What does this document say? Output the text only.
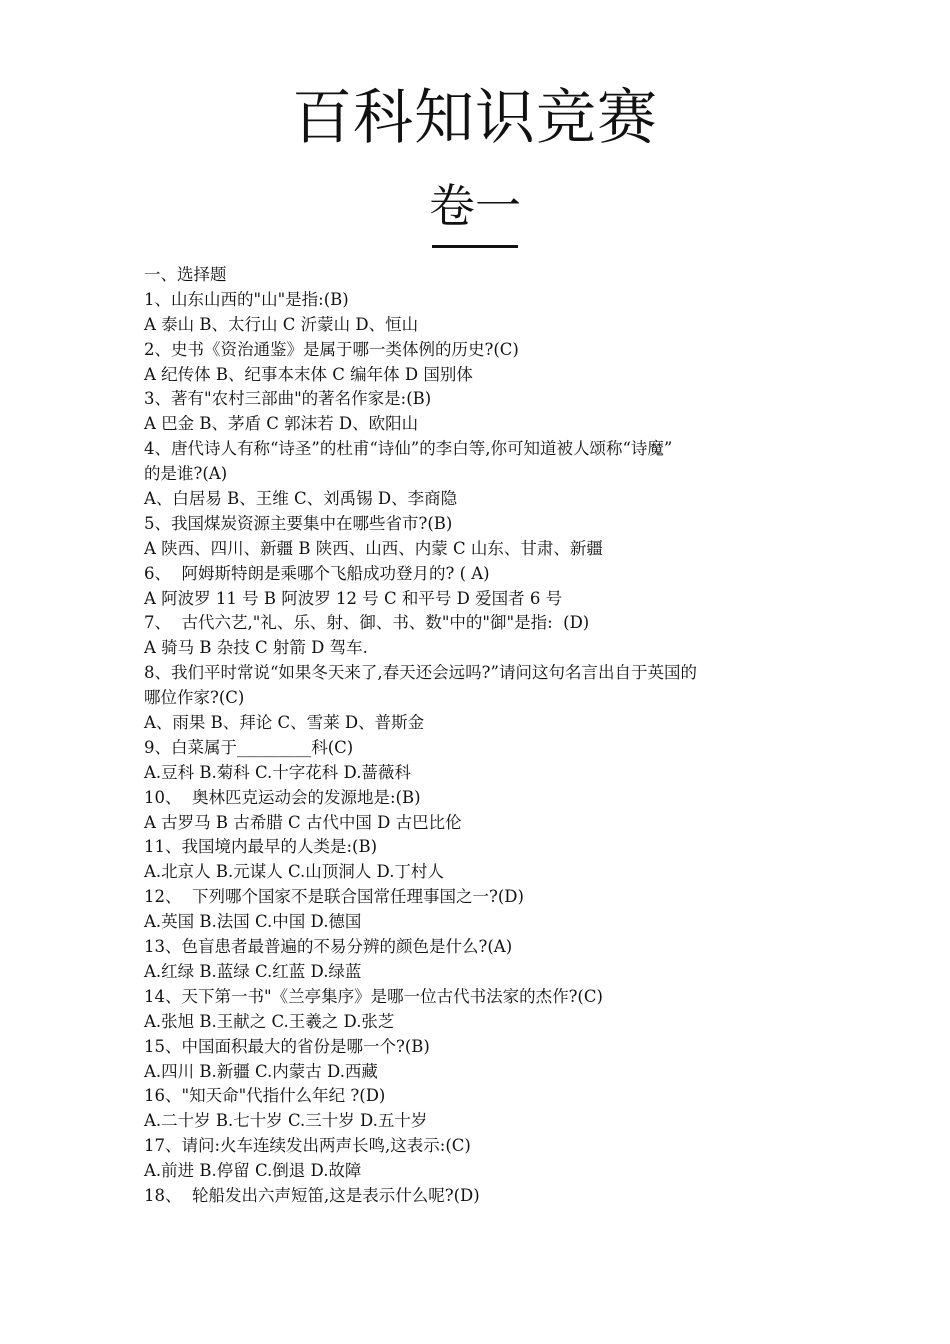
百科知识竞赛
卷一

一、选择题

1、山东山西的"山"是指:(B)

A 泰山 B、太行山 C 沂蒙山 D、恒山

2、史书《资治通鉴》是属于哪一类体例的历史?(C)

A 纪传体 B、纪事本末体 C 编年体 D 国别体

3、著有"农村三部曲"的著名作家是:(B)

A 巴金 B、茅盾 C 郭沫若 D、欧阳山

4、唐代诗人有称“诗圣”的杜甫“诗仙”的李白等,你可知道被人颂称“诗魔”

的是谁?(A)

A、白居易 B、王维 C、刘禹锡 D、李商隐

5、我国煤炭资源主要集中在哪些省市?(B)

A 陕西、四川、新疆 B 陕西、山西、内蒙 C 山东、甘肃、新疆

6、  阿姆斯特朗是乘哪个飞船成功登月的? ( A)

A 阿波罗 11 号 B 阿波罗 12 号 C 和平号 D 爱国者 6 号

7、  古代六艺,"礼、乐、射、御、书、数"中的"御"是指:  (D)

A 骑马 B 杂技 C 射箭 D 驾车.

8、我们平时常说“如果冬天来了,春天还会远吗?”请问这句名言出自于英国的

哪位作家?(C)

A、雨果 B、拜论 C、雪莱 D、普斯金

9、白菜属于_________科(C)

A.豆科 B.菊科 C.十字花科 D.蔷薇科

10、  奥林匹克运动会的发源地是:(B)

A 古罗马 B 古希腊 C 古代中国 D 古巴比伦

11、我国境内最早的人类是:(B)

A.北京人 B.元谋人 C.山顶洞人 D.丁村人

12、  下列哪个国家不是联合国常任理事国之一?(D)

A.英国 B.法国 C.中国 D.德国

13、色盲患者最普遍的不易分辨的颜色是什么?(A)

A.红绿 B.蓝绿 C.红蓝 D.绿蓝

14、天下第一书"《兰亭集序》是哪一位古代书法家的杰作?(C)

A.张旭 B.王献之 C.王羲之 D.张芝

15、中国面积最大的省份是哪一个?(B)

A.四川 B.新疆 C.内蒙古 D.西藏

16、"知天命"代指什么年纪 ?(D)

A.二十岁 B.七十岁 C.三十岁 D.五十岁

17、请问:火车连续发出两声长鸣,这表示:(C)

A.前进 B.停留 C.倒退 D.故障

18、  轮船发出六声短笛,这是表示什么呢?(D)
